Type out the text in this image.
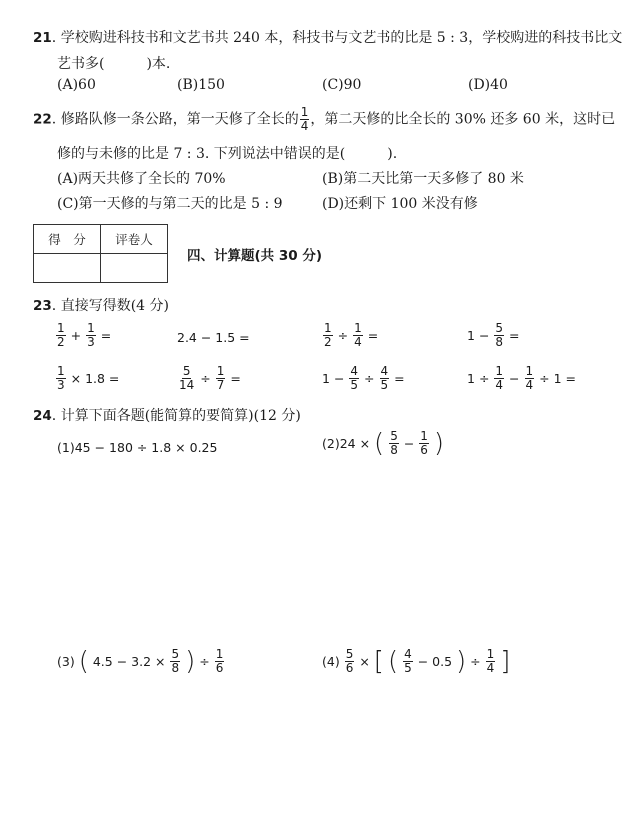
21. 学校购进科技书和文艺书共 240 本，科技书与文艺书的比是 5 : 3，学校购进的科技书比文
艺书多(　　　)本.
(A)60	(B)150	(C)90	(D)40
22. 修路队修一条公路，第一天修了全长的 $\frac{1}{4}$ ，第二天修的比全长的 30% 还多 60 米，这时已
修的与未修的比是 7 : 3. 下列说法中错误的是(　　　).
(A)两天共修了全长的 70%	(B)第二天比第一天多修了 80 米
(C)第一天修的与第二天的比是 5 : 9	(D)还剩下 100 米没有修
得　分	评卷人

四、计算题(共 30 分)
23. 直接写得数(4 分)
$\frac{1}{2} + \frac{1}{3}$ =	2.4 − 1.5 =	$\frac{1}{2} \div \frac{1}{4}$ =	$1 - \frac{5}{8}$ =
$\frac{1}{3} \times 1.8$ =	$\frac{5}{14} \div \frac{1}{7}$ =	$1 - \frac{4}{5} \div \frac{4}{5}$ =	$1 \div \frac{1}{4} - \frac{1}{4} \div 1$ =
24. 计算下面各题(能简算的要简算)(12 分)
(1)45 − 180 ÷ 1.8 × 0.25	(2)24 × ( $\frac{5}{8} - \frac{1}{6}$ )
(3) ( $4.5 - 3.2 \times \frac{5}{8}$ ) ÷ $\frac{1}{6}$	$(4) \frac{5}{6}$ × [ ( $\frac{4}{5} - 0.5$ ) ÷ $\frac{1}{4}$ ]
